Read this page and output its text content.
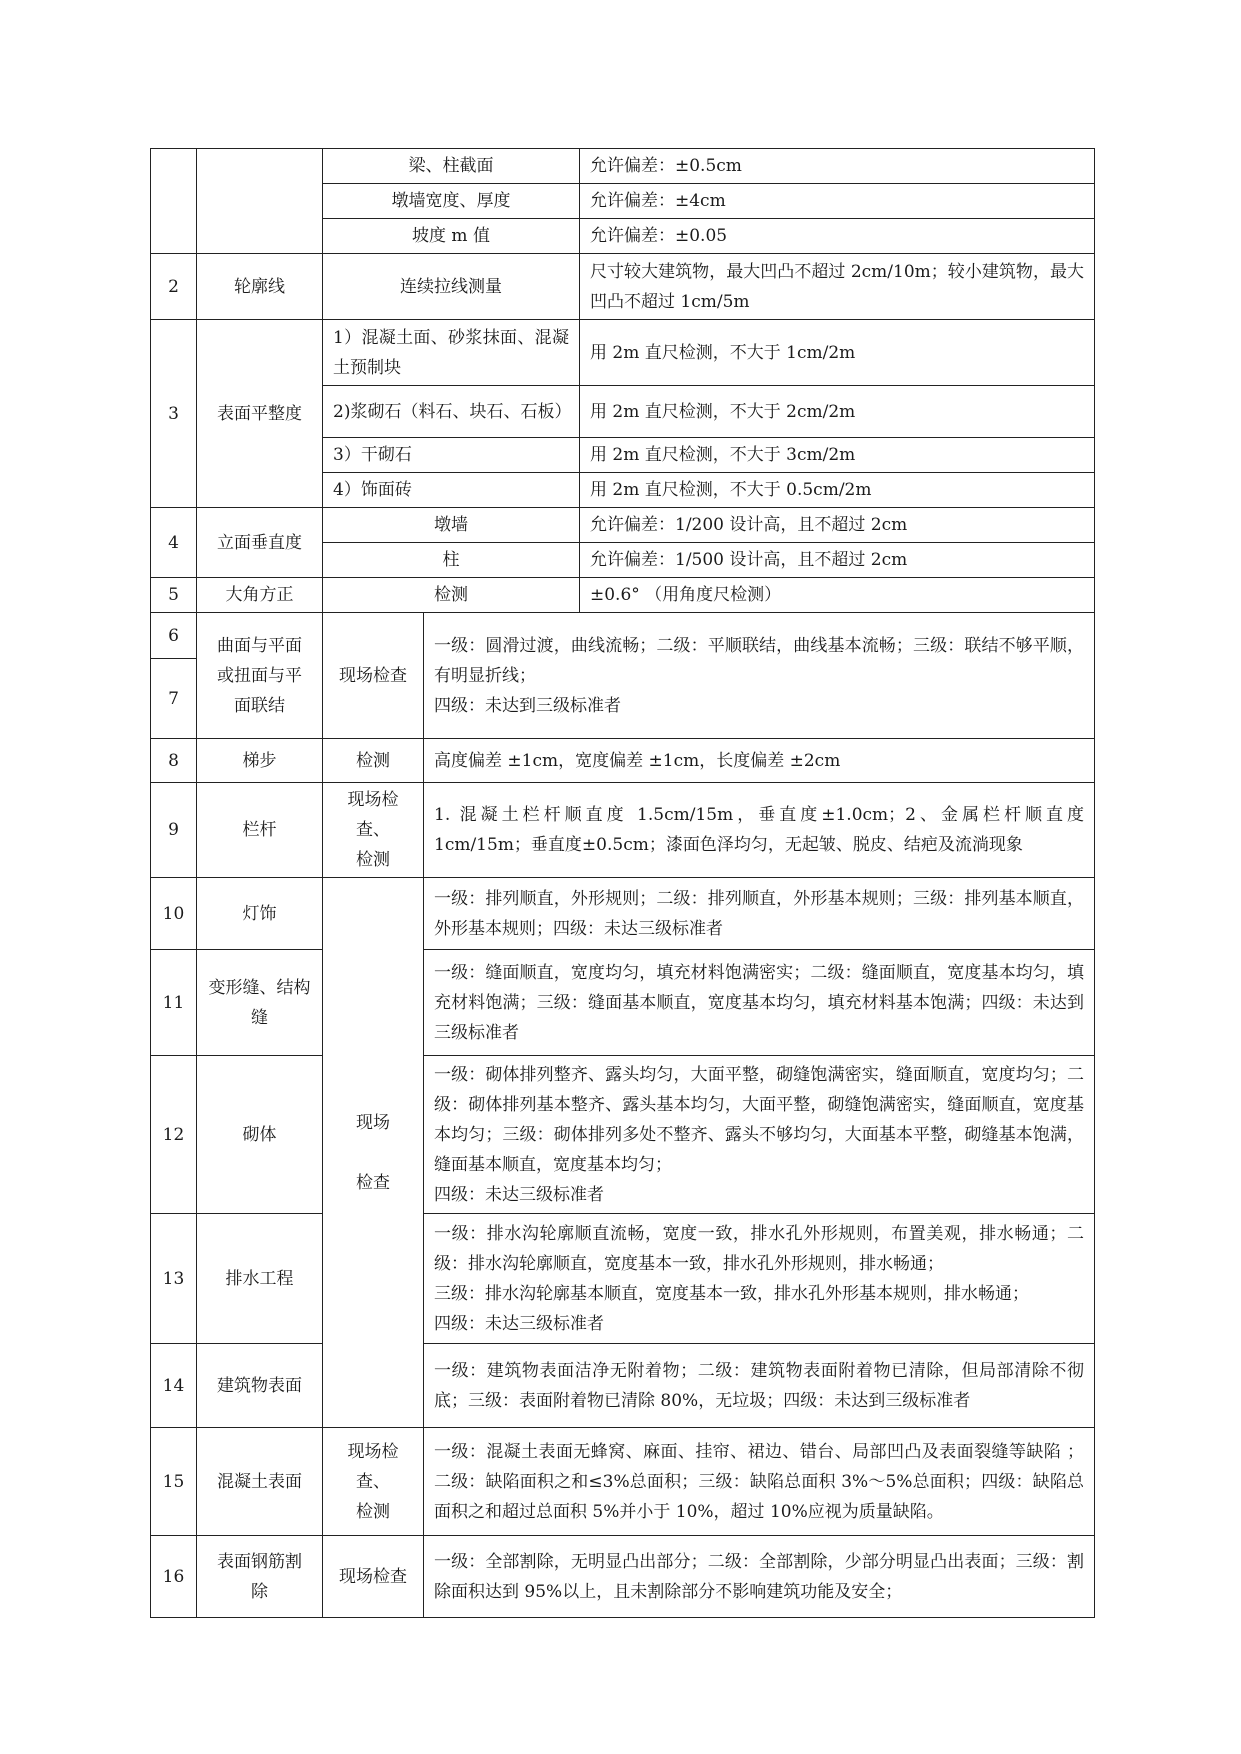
		梁、柱截面		允许偏差：±0.5cm
		墩墙宽度、厚度		允许偏差：±4cm
		坡度 m 值		允许偏差：±0.05
2	轮廓线	连续拉线测量		尺寸较大建筑物，最大凹凸不超过 2cm/10m；较小建筑物，最大凹凸不超过 1cm/5m
3	表面平整度	1）混凝土面、砂浆抹面、混凝土预制块		用 2m 直尺检测，不大于 1cm/2m
		2)浆砌石（料石、块石、石板）		用 2m 直尺检测，不大于 2cm/2m
		3）干砌石		用 2m 直尺检测，不大于 3cm/2m
		4）饰面砖		用 2m 直尺检测，不大于 0.5cm/2m
4	立面垂直度	墩墙		允许偏差：1/200 设计高，且不超过 2cm
		柱		允许偏差：1/500 设计高，且不超过 2cm
5	大角方正	检测		±0.6° （用角度尺检测）
6	曲面与平面
或扭面与平
面联结	现场检查	一级：圆滑过渡，曲线流畅；二级：平顺联结，曲线基本流畅；三级：联结不够平顺，有明显折线；
四级：未达到三级标准者	
7				
8	梯步	检测	高度偏差 ±1cm，宽度偏差 ±1cm，长度偏差 ±2cm	
9	栏杆	现场检查、
检测	1. 混凝土栏杆顺直度 1.5cm/15m，垂直度±1.0cm；2、金属栏杆顺直度 1cm/15m；垂直度±0.5cm；漆面色泽均匀，无起皱、脱皮、结疤及流淌现象	
10	灯饰	现场

检查	一级：排列顺直，外形规则；二级：排列顺直，外形基本规则；三级：排列基本顺直，外形基本规则；四级：未达三级标准者	
11	变形缝、结构
缝		一级：缝面顺直，宽度均匀，填充材料饱满密实；二级：缝面顺直，宽度基本均匀，填充材料饱满；三级：缝面基本顺直，宽度基本均匀，填充材料基本饱满；四级：未达到三级标准者	
12	砌体		一级：砌体排列整齐、露头均匀，大面平整，砌缝饱满密实，缝面顺直，宽度均匀；二级：砌体排列基本整齐、露头基本均匀，大面平整，砌缝饱满密实，缝面顺直，宽度基本均匀；三级：砌体排列多处不整齐、露头不够均匀，大面基本平整，砌缝基本饱满，缝面基本顺直，宽度基本均匀；
四级：未达三级标准者	
13	排水工程		一级：排水沟轮廓顺直流畅，宽度一致，排水孔外形规则，布置美观，排水畅通；二级：排水沟轮廓顺直，宽度基本一致，排水孔外形规则，排水畅通；
三级：排水沟轮廓基本顺直，宽度基本一致，排水孔外形基本规则，排水畅通；
四级：未达三级标准者	
14	建筑物表面		一级：建筑物表面洁净无附着物；二级：建筑物表面附着物已清除，但局部清除不彻底；三级：表面附着物已清除 80%，无垃圾；四级：未达到三级标准者	
15	混凝土表面	现场检查、
检测	一级：混凝土表面无蜂窝、麻面、挂帘、裙边、错台、局部凹凸及表面裂缝等缺陷 ；二级：缺陷面积之和≤3%总面积；三级：缺陷总面积 3%～5%总面积；四级：缺陷总面积之和超过总面积 5%并小于 10%，超过 10%应视为质量缺陷。	
16	表面钢筋割
除	现场检查	一级：全部割除，无明显凸出部分；二级：全部割除，少部分明显凸出表面；三级：割除面积达到 95%以上，且未割除部分不影响建筑功能及安全；	
